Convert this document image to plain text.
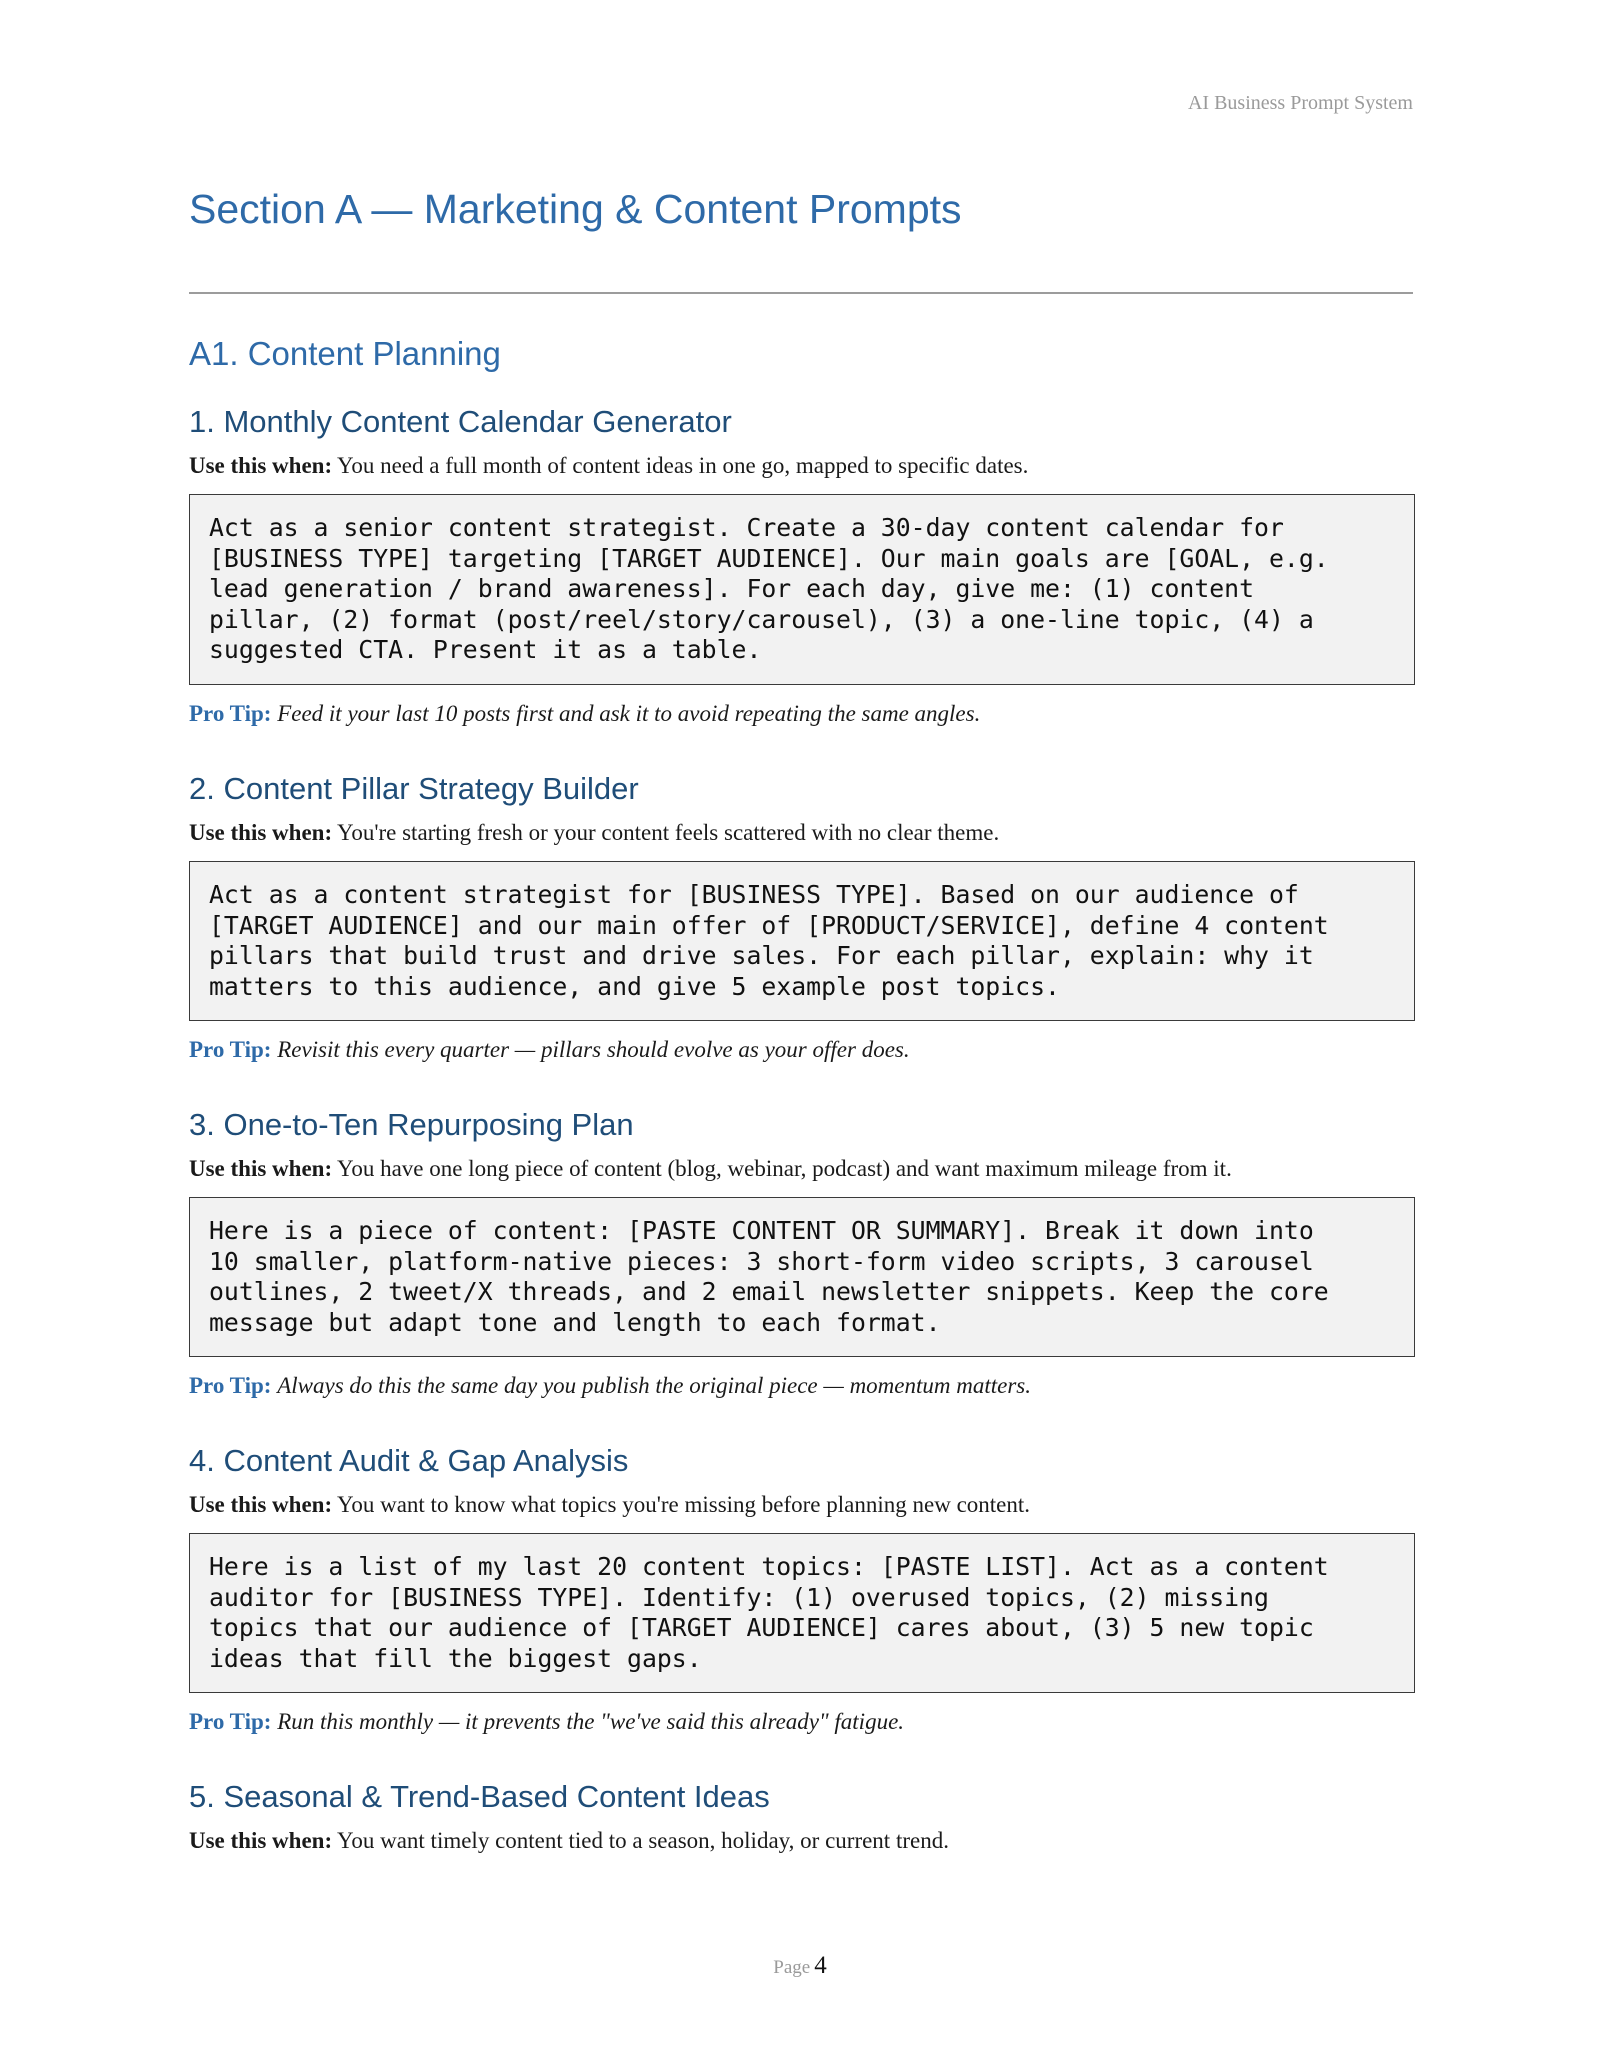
AI Business Prompt System
Section A — Marketing & Content Prompts
A1. Content Planning
1. Monthly Content Calendar Generator

Use this when: You need a full month of content ideas in one go, mapped to specific dates.

Act as a senior content strategist. Create a 30-day content calendar for
[BUSINESS TYPE] targeting [TARGET AUDIENCE]. Our main goals are [GOAL, e.g.
lead generation / brand awareness]. For each day, give me: (1) content
pillar, (2) format (post/reel/story/carousel), (3) a one-line topic, (4) a
suggested CTA. Present it as a table.

Pro Tip: Feed it your last 10 posts first and ask it to avoid repeating the same angles.

2. Content Pillar Strategy Builder

Use this when: You're starting fresh or your content feels scattered with no clear theme.

Act as a content strategist for [BUSINESS TYPE]. Based on our audience of
[TARGET AUDIENCE] and our main offer of [PRODUCT/SERVICE], define 4 content
pillars that build trust and drive sales. For each pillar, explain: why it
matters to this audience, and give 5 example post topics.

Pro Tip: Revisit this every quarter — pillars should evolve as your offer does.

3. One-to-Ten Repurposing Plan

Use this when: You have one long piece of content (blog, webinar, podcast) and want maximum mileage from it.

Here is a piece of content: [PASTE CONTENT OR SUMMARY]. Break it down into
10 smaller, platform-native pieces: 3 short-form video scripts, 3 carousel
outlines, 2 tweet/X threads, and 2 email newsletter snippets. Keep the core
message but adapt tone and length to each format.

Pro Tip: Always do this the same day you publish the original piece — momentum matters.

4. Content Audit & Gap Analysis

Use this when: You want to know what topics you're missing before planning new content.

Here is a list of my last 20 content topics: [PASTE LIST]. Act as a content
auditor for [BUSINESS TYPE]. Identify: (1) overused topics, (2) missing
topics that our audience of [TARGET AUDIENCE] cares about, (3) 5 new topic
ideas that fill the biggest gaps.

Pro Tip: Run this monthly — it prevents the "we've said this already" fatigue.

5. Seasonal & Trend-Based Content Ideas

Use this when: You want timely content tied to a season, holiday, or current trend.

Page 4
